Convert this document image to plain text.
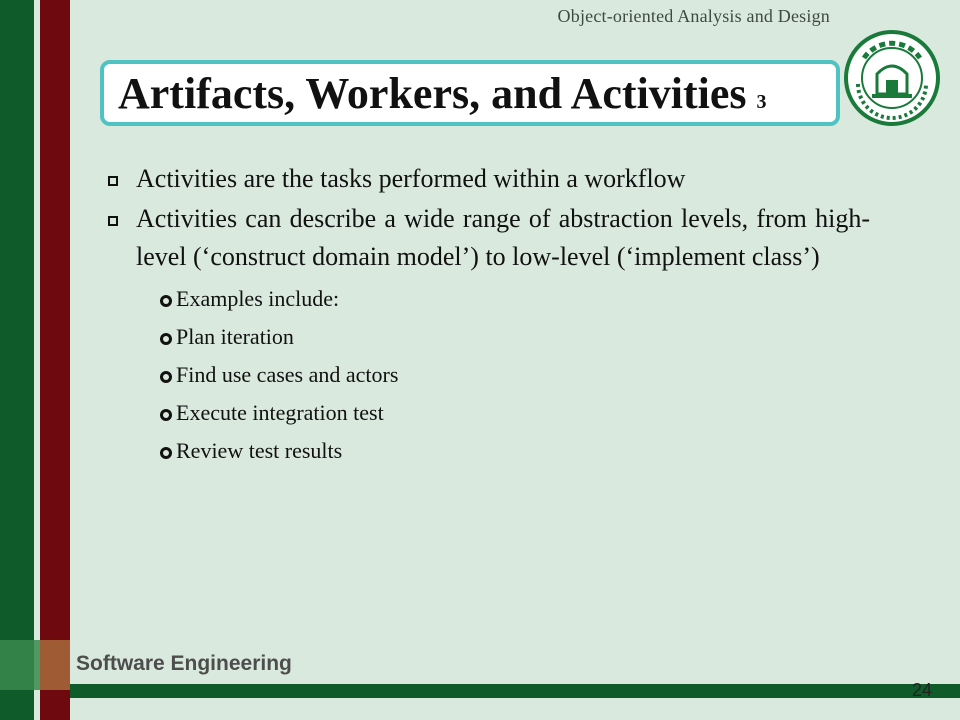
Object-oriented Analysis and Design
Artifacts, Workers, and Activities 3
Activities are the tasks performed within a workflow
Activities can describe a wide range of abstraction levels, from high-level (‘construct domain model’) to low-level (‘implement class’)
Examples include:
Plan iteration
Find use cases and actors
Execute integration test
Review test results
Software Engineering
24
